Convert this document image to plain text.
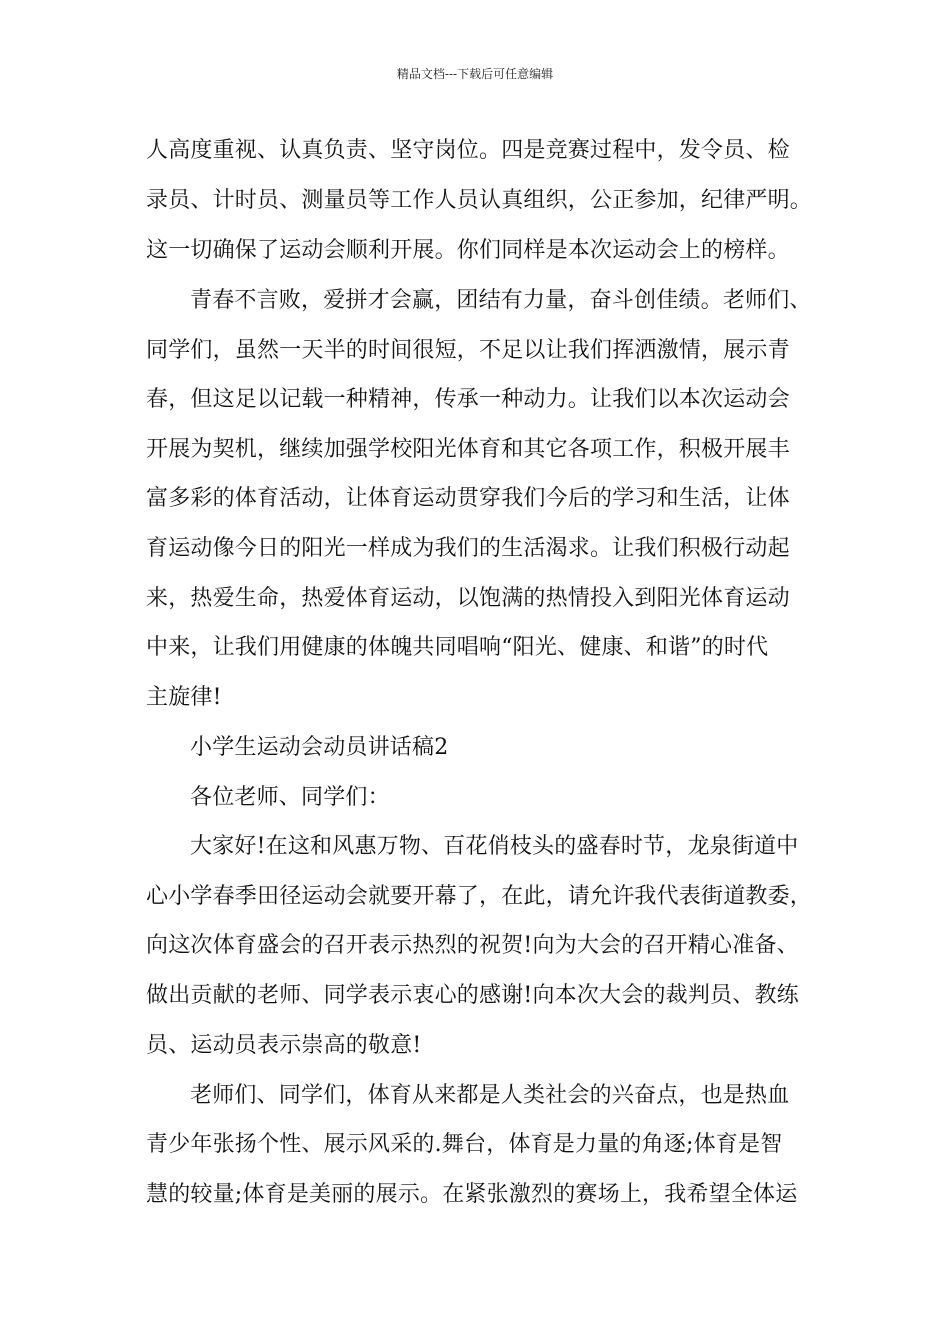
精品文档---下载后可任意编辑
人高度重视、认真负责、坚守岗位。四是竞赛过程中，发令员、检
录员、计时员、测量员等工作人员认真组织，公正参加，纪律严明。
这一切确保了运动会顺利开展。你们同样是本次运动会上的榜样。
青春不言败，爱拼才会赢，团结有力量，奋斗创佳绩。老师们、
同学们，虽然一天半的时间很短，不足以让我们挥洒激情，展示青
春，但这足以记载一种精神，传承一种动力。让我们以本次运动会
开展为契机，继续加强学校阳光体育和其它各项工作，积极开展丰
富多彩的体育活动，让体育运动贯穿我们今后的学习和生活，让体
育运动像今日的阳光一样成为我们的生活渴求。让我们积极行动起
来，热爱生命，热爱体育运动，以饱满的热情投入到阳光体育运动
中来，让我们用健康的体魄共同唱响“阳光、健康、和谐”的时代
主旋律!
小学生运动会动员讲话稿2
各位老师、同学们：
大家好!在这和风惠万物、百花俏枝头的盛春时节，龙泉街道中
心小学春季田径运动会就要开幕了，在此，请允许我代表街道教委，
向这次体育盛会的召开表示热烈的祝贺!向为大会的召开精心准备、
做出贡献的老师、同学表示衷心的感谢!向本次大会的裁判员、教练
员、运动员表示崇高的敬意!
老师们、同学们，体育从来都是人类社会的兴奋点，也是热血
青少年张扬个性、展示风采的.舞台，体育是力量的角逐;体育是智
慧的较量;体育是美丽的展示。在紧张激烈的赛场上，我希望全体运
